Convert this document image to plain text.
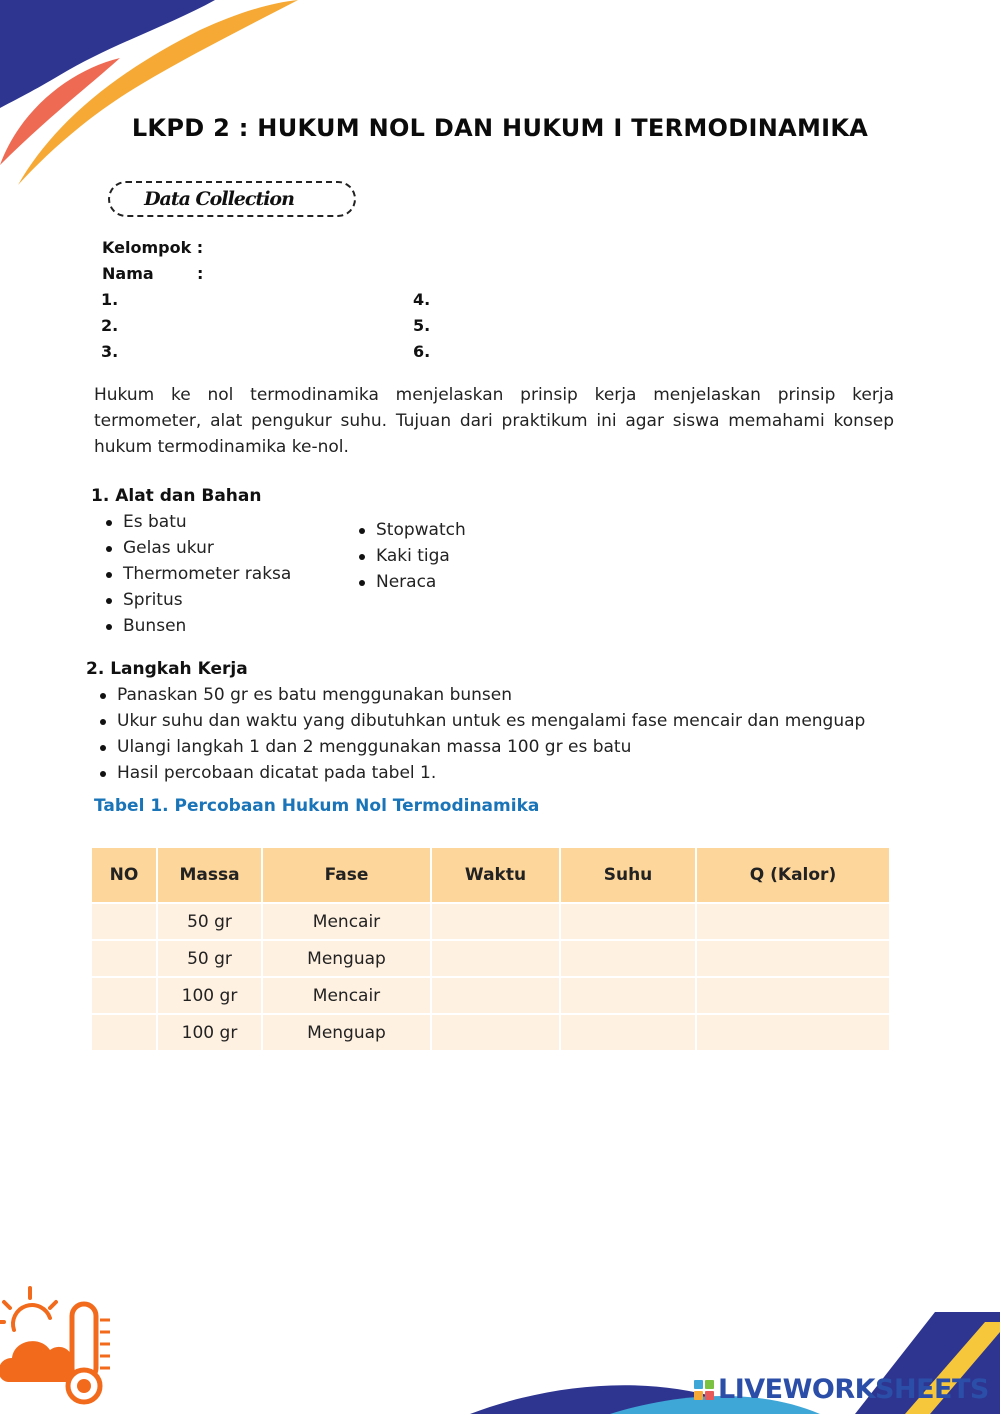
LKPD 2 : HUKUM NOL DAN HUKUM I TERMODINAMIKA
Data Collection
Kelompok :
Nama	:
1.
2.
3.
4.
5.
6.
Hukum ke nol termodinamika menjelaskan prinsip kerja menjelaskan prinsip kerja termometer, alat pengukur suhu. Tujuan dari praktikum ini agar siswa memahami konsep hukum termodinamika ke-nol.
1. Alat dan Bahan
Es batu
Gelas ukur
Thermometer raksa
Spritus
Bunsen
Stopwatch
Kaki tiga
Neraca
2. Langkah Kerja
Panaskan 50 gr es batu menggunakan bunsen
Ukur suhu dan waktu yang dibutuhkan untuk es mengalami fase mencair dan menguap
Ulangi langkah 1 dan 2 menggunakan massa 100 gr es batu
Hasil percobaan dicatat pada tabel 1.
Tabel 1. Percobaan Hukum Nol Termodinamika
NO	Massa	Fase	Waktu	Suhu	Q (Kalor)
	50 gr	Mencair			
	50 gr	Menguap			
	100 gr	Mencair			
	100 gr	Menguap			
LIVEWORKSHEETS
